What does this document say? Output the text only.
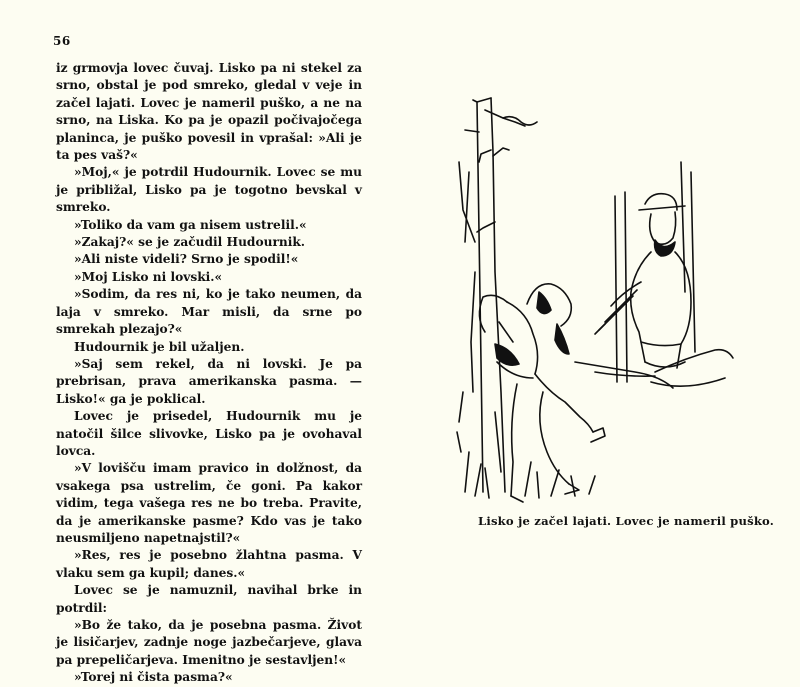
56

iz grmovja lovec čuvaj. Lisko pa ni stekel za srno, obstal je pod smreko, gledal v veje in začel lajati. Lovec je nameril puško, a ne na srno, na Liska. Ko pa je opazil počivajočega planinca, je puško povesil in vprašal: »Ali je ta pes vaš?«

»Moj,« je potrdil Hudournik. Lovec se mu je približal, Lisko pa je togotno bevskal v smreko.

»Toliko da vam ga nisem ustrelil.«

»Zakaj?« se je začudil Hudournik.

»Ali niste videli? Srno je spodil!«

»Moj Lisko ni lovski.«

»Sodim, da res ni, ko je tako neumen, da laja v smreko. Mar misli, da srne po smrekah plezajo?«

Hudournik je bil užaljen.

»Saj sem rekel, da ni lovski. Je pa prebrisan, prava amerikanska pasma. — Lisko!« ga je poklical.

Lovec je prisedel, Hudournik mu je natočil šilce slivovke, Lisko pa je ovohaval lovca.

»V lovišču imam pravico in dolžnost, da vsakega psa ustrelim, če goni. Pa kakor vidim, tega vašega res ne bo treba. Pravite, da je amerikanske pasme? Kdo vas je tako neusmiljeno napetnajstil?«

»Res, res je posebno žlahtna pasma. V vlaku sem ga kupil; danes.«

Lovec se je namuznil, navihal brke in potrdil:

»Bo že tako, da je posebna pasma. Život je lisičarjev, zadnje noge jazbečarjeve, glava pa prepeličarjeva. Imenitno je sestavljen!«

»Torej ni čista pasma?«

Lisko je začel lajati. Lovec je nameril puško.
